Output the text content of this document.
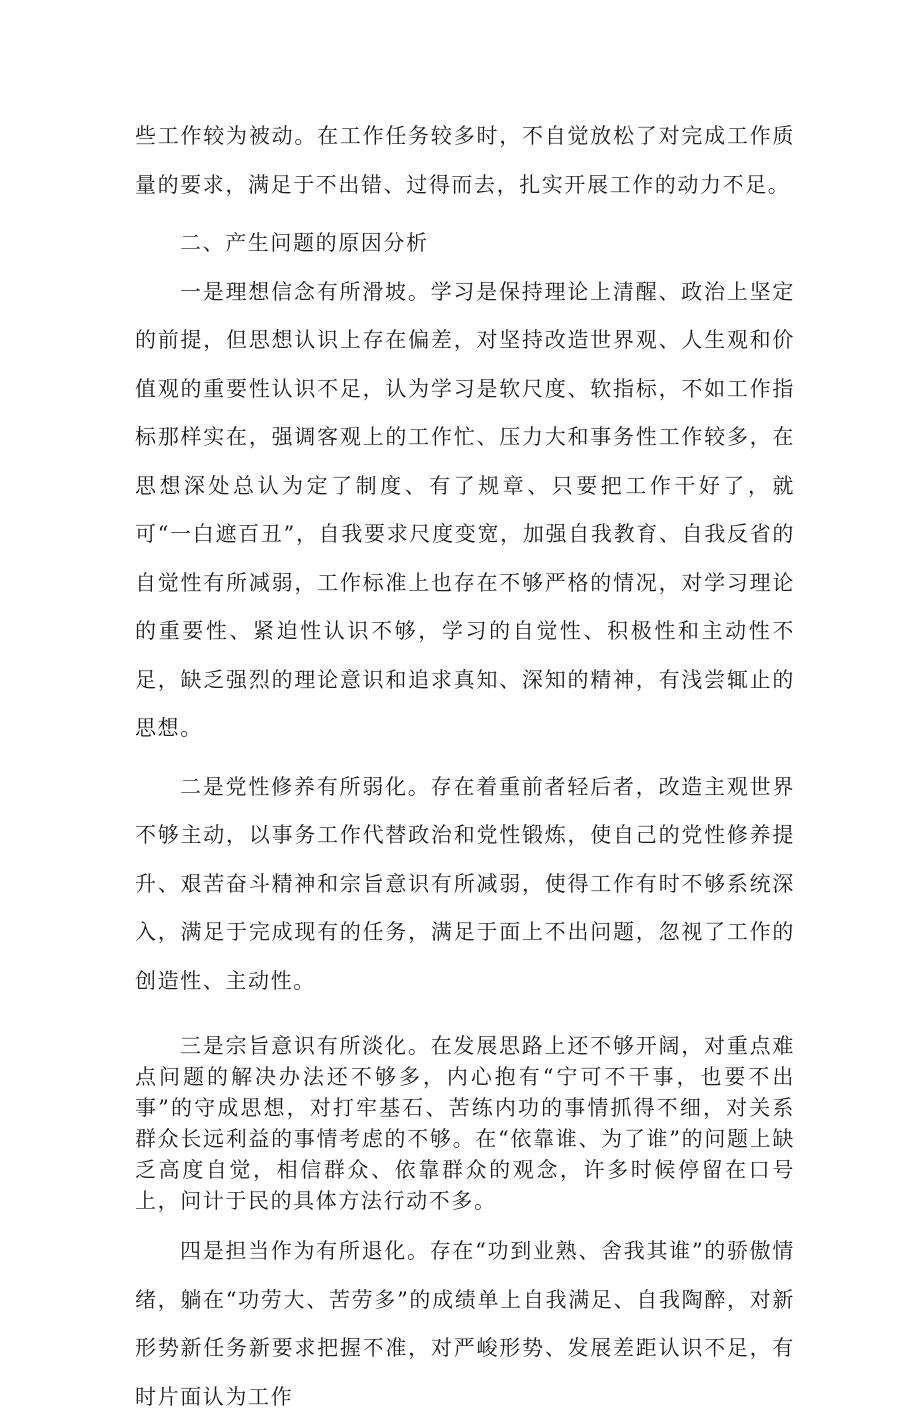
些工作较为被动。在工作任务较多时，不自觉放松了对完成工作质量的要求，满足于不出错、过得而去，扎实开展工作的动力不足。

二、产生问题的原因分析

一是理想信念有所滑坡。学习是保持理论上清醒、政治上坚定的前提，但思想认识上存在偏差，对坚持改造世界观、人生观和价值观的重要性认识不足，认为学习是软尺度、软指标，不如工作指标那样实在，强调客观上的工作忙、压力大和事务性工作较多，在思想深处总认为定了制度、有了规章、只要把工作干好了，就可“一白遮百丑”，自我要求尺度变宽，加强自我教育、自我反省的自觉性有所减弱，工作标准上也存在不够严格的情况，对学习理论的重要性、紧迫性认识不够，学习的自觉性、积极性和主动性不足，缺乏强烈的理论意识和追求真知、深知的精神，有浅尝辄止的思想。

二是党性修养有所弱化。存在着重前者轻后者，改造主观世界不够主动，以事务工作代替政治和党性锻炼，使自己的党性修养提升、艰苦奋斗精神和宗旨意识有所减弱，使得工作有时不够系统深入，满足于完成现有的任务，满足于面上不出问题，忽视了工作的创造性、主动性。

三是宗旨意识有所淡化。在发展思路上还不够开阔，对重点难点问题的解决办法还不够多，内心抱有“宁可不干事，也要不出事”的守成思想，对打牢基石、苦练内功的事情抓得不细，对关系群众长远利益的事情考虑的不够。在“依靠谁、为了谁”的问题上缺乏高度自觉，相信群众、依靠群众的观念，许多时候停留在口号上，问计于民的具体方法行动不多。

四是担当作为有所退化。存在“功到业熟、舍我其谁”的骄傲情绪，躺在“功劳大、苦劳多”的成绩单上自我满足、自我陶醉，对新形势新任务新要求把握不准，对严峻形势、发展差距认识不足，有时片面认为工作
